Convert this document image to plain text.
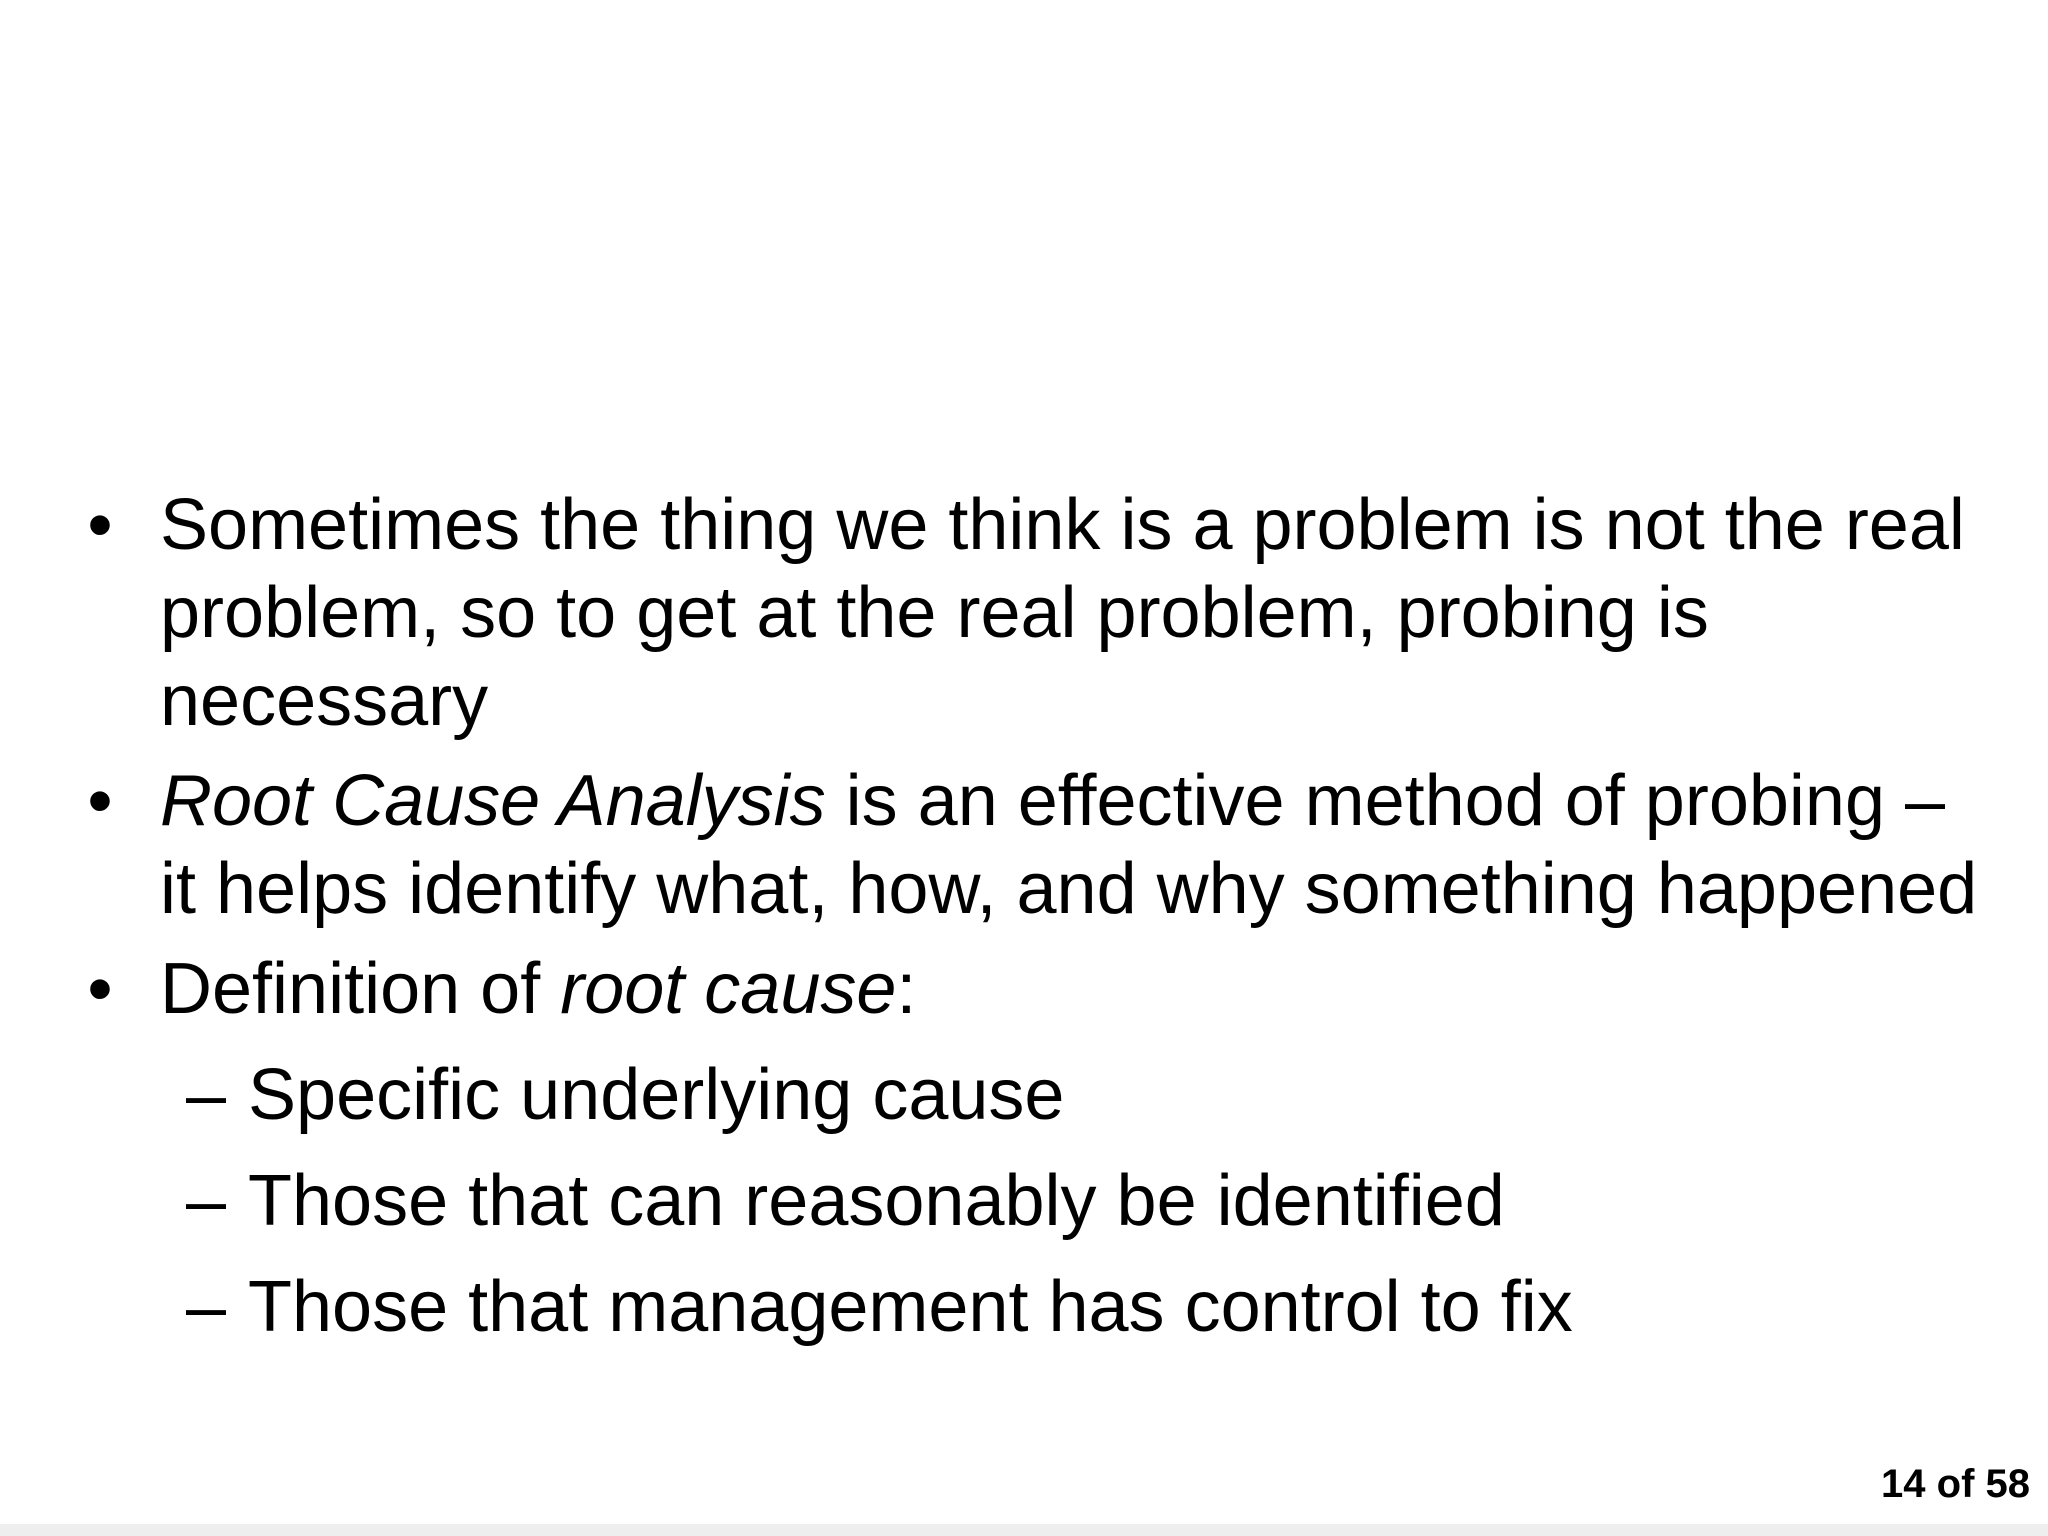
• Sometimes the thing we think is a problem is not the real problem, so to get at the real problem, probing is necessary
• Root Cause Analysis is an effective method of probing – it helps identify what, how, and why something happened
• Definition of root cause:
– Specific underlying cause
– Those that can reasonably be identified
– Those that management has control to fix
14 of 58
